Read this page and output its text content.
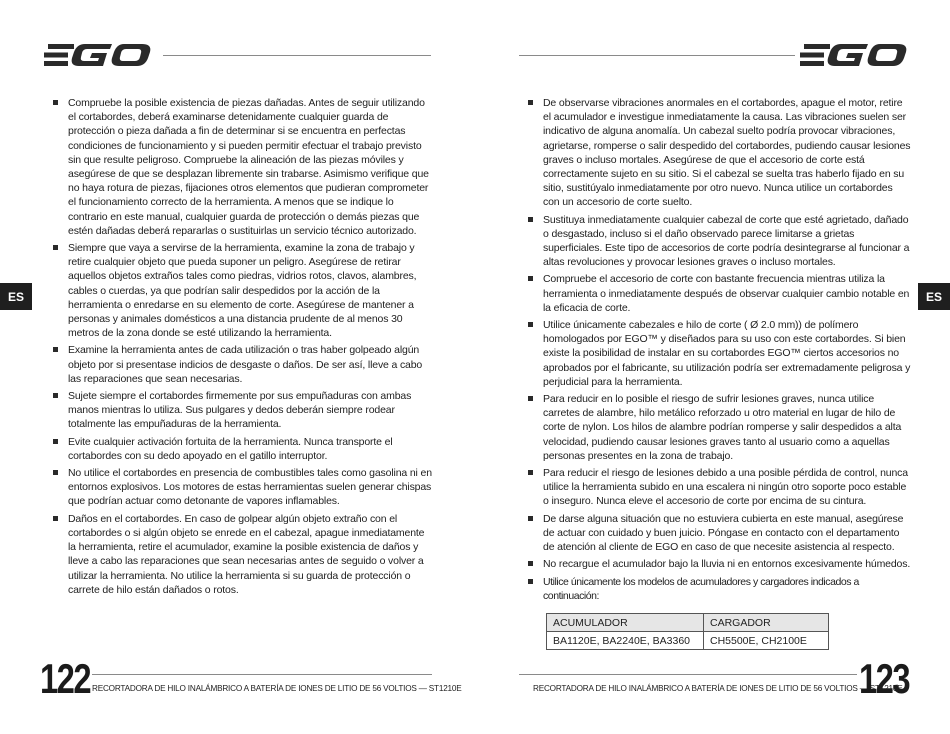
ES
Compruebe la posible existencia de piezas dañadas. Antes de seguir utilizando el cortabordes, deberá examinarse detenidamente cualquier guarda de protección o pieza dañada a fin de determinar si se encuentra en perfectas condiciones de funcionamiento y si pueden permitir efectuar el trabajo previsto sin que resulte peligroso. Compruebe la alineación de las piezas móviles y asegúrese de que se desplazan libremente sin trabarse. Asimismo verifique que no haya rotura de piezas, fijaciones otros elementos que pudieran comprometer el funcionamiento correcto de la herramienta. A menos que se indique lo contrario en este manual, cualquier guarda de protección o demás piezas que estén dañadas deberá repararlas o sustituirlas un servicio técnico autorizado.
Siempre que vaya a servirse de la herramienta, examine la zona de trabajo y retire cualquier objeto que pueda suponer un peligro. Asegúrese de retirar aquellos objetos extraños tales como piedras, vidrios rotos, clavos, alambres, cables o cuerdas, ya que podrían salir despedidos por la acción de la herramienta o enredarse en su elemento de corte. Asegúrese de mantener a personas y animales domésticos a una distancia prudente de al menos 30 metros de la zona donde se esté utilizando la herramienta.
Examine la herramienta antes de cada utilización o tras haber golpeado algún objeto por si presentase indicios de desgaste o daños. De ser así, lleve a cabo las reparaciones que sean necesarias.
Sujete siempre el cortabordes firmemente por sus empuñaduras con ambas manos mientras lo utiliza. Sus pulgares y dedos deberán siempre rodear totalmente las empuñaduras de la herramienta.
Evite cualquier activación fortuita de la herramienta. Nunca transporte el cortabordes con su dedo apoyado en el gatillo interruptor.
No utilice el cortabordes en presencia de combustibles tales como gasolina ni en entornos explosivos. Los motores de estas herramientas suelen generar chispas que podrían actuar como detonante de vapores inflamables.
Daños en el cortabordes. En caso de golpear algún objeto extraño con el cortabordes o si algún objeto se enrede en el cabezal, apague inmediatamente la herramienta, retire el acumulador, examine la posible existencia de daños y lleve a cabo las reparaciones que sean necesarias antes de seguido o volver a utilizar la herramienta. No utilice la herramienta si su guarda de protección o carrete de hilo están dañados o rotos.
122 RECORTADORA DE HILO INALÁMBRICO A BATERÍA DE IONES DE LITIO DE 56 VOLTIOS — ST1210E
ES
De observarse vibraciones anormales en el cortabordes, apague el motor, retire el acumulador e investigue inmediatamente la causa. Las vibraciones suelen ser indicativo de alguna anomalía. Un cabezal suelto podría provocar vibraciones, agrietarse, romperse o salir despedido del cortabordes, pudiendo causar lesiones graves o incluso mortales. Asegúrese de que el accesorio de corte está correctamente sujeto en su sitio. Si el cabezal se suelta tras haberlo fijado en su sitio, sustitúyalo inmediatamente por otro nuevo. Nunca utilice un cortabordes con un accesorio de corte suelto.
Sustituya inmediatamente cualquier cabezal de corte que esté agrietado, dañado o desgastado, incluso si el daño observado parece limitarse a grietas superficiales. Este tipo de accesorios de corte podría desintegrarse al funcionar a altas revoluciones y provocar lesiones graves o incluso mortales.
Compruebe el accesorio de corte con bastante frecuencia mientras utiliza la herramienta o inmediatamente después de observar cualquier cambio notable en la eficacia de corte.
Utilice únicamente cabezales e hilo de corte ( Ø 2.0 mm)) de polímero homologados por EGO™ y diseñados para su uso con este cortabordes. Si bien existe la posibilidad de instalar en su cortabordes EGO™ ciertos accesorios no aprobados por el fabricante, su utilización podría ser extremadamente peligrosa y perjudicial para la herramienta.
Para reducir en lo posible el riesgo de sufrir lesiones graves, nunca utilice carretes de alambre, hilo metálico reforzado u otro material en lugar de hilo de corte de nylon. Los hilos de alambre podrían romperse y salir despedidos a alta velocidad, pudiendo causar lesiones graves tanto al usuario como a aquellas personas presentes en la zona de trabajo.
Para reducir el riesgo de lesiones debido a una posible pérdida de control, nunca utilice la herramienta subido en una escalera ni ningún otro soporte poco estable o inseguro. Nunca eleve el accesorio de corte por encima de su cintura.
De darse alguna situación que no estuviera cubierta en este manual, asegúrese de actuar con cuidado y buen juicio. Póngase en contacto con el departamento de atención al cliente de EGO en caso de que necesite asistencia al respecto.
No recargue el acumulador bajo la lluvia ni en entornos excesivamente húmedos.
Utilice únicamente los modelos de acumuladores y cargadores indicados a continuación:
ACUMULADOR	CARGADOR
BA1120E, BA2240E, BA3360	CH5500E, CH2100E
RECORTADORA DE HILO INALÁMBRICO A BATERÍA DE IONES DE LITIO DE 56 VOLTIOS — ST1210E
123
